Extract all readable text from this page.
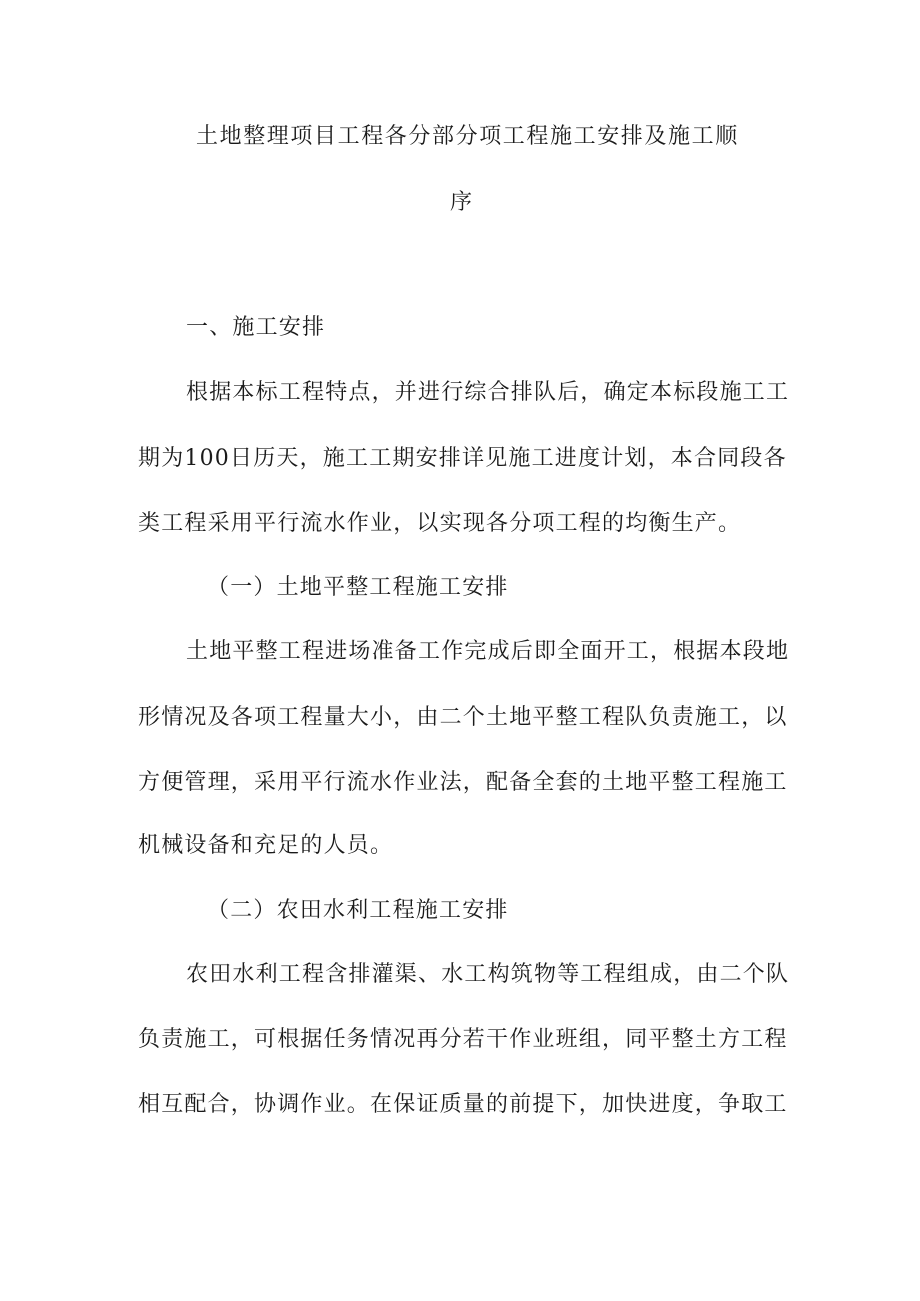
土地整理项目工程各分部分项工程施工安排及施工顺
序
一、施工安排
根据本标工程特点，并进行综合排队后，确定本标段施工工
期为100日历天，施工工期安排详见施工进度计划，本合同段各
类工程采用平行流水作业，以实现各分项工程的均衡生产。
（一）土地平整工程施工安排
土地平整工程进场准备工作完成后即全面开工，根据本段地
形情况及各项工程量大小，由二个土地平整工程队负责施工，以
方便管理，采用平行流水作业法，配备全套的土地平整工程施工
机械设备和充足的人员。
（二）农田水利工程施工安排
农田水利工程含排灌渠、水工构筑物等工程组成，由二个队
负责施工，可根据任务情况再分若干作业班组，同平整土方工程
相互配合，协调作业。在保证质量的前提下，加快进度，争取工
